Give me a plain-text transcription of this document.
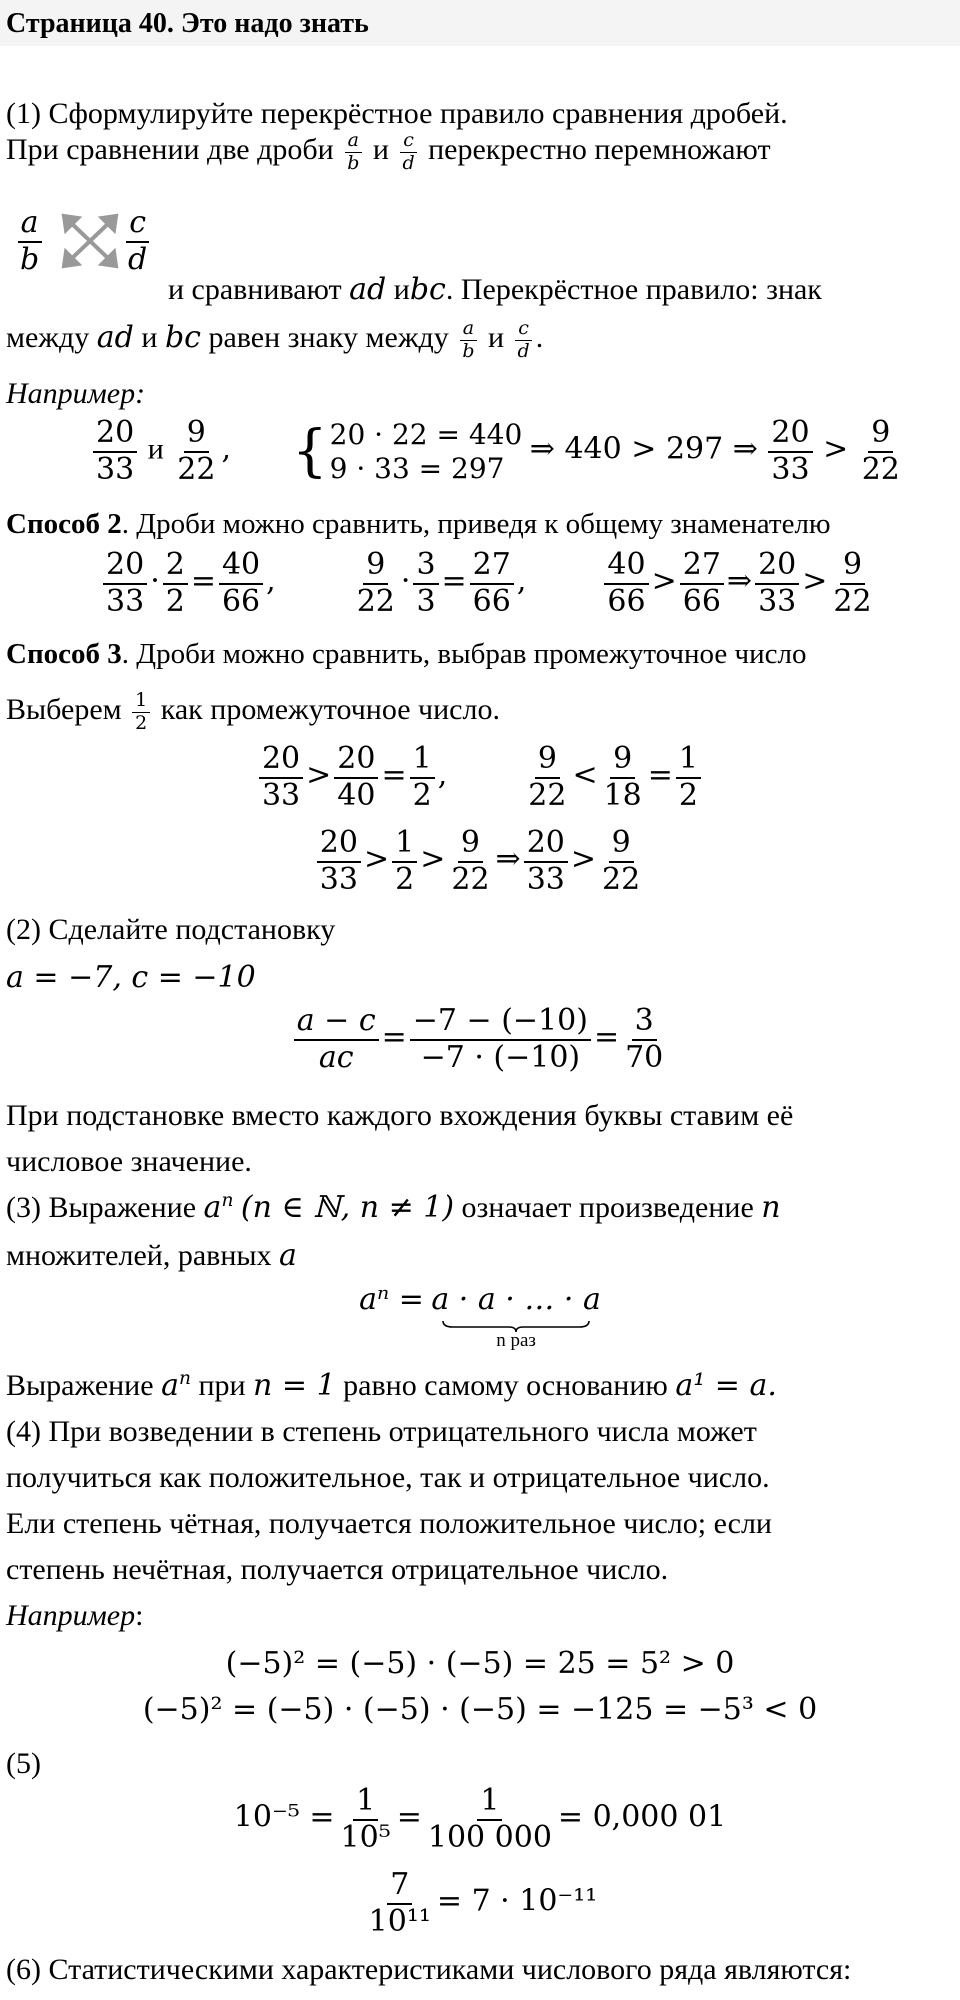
Страница 40. Это надо знать
(1) Сформулируйте перекрёстное правило сравнения дробей.
При сравнении две дроби $\frac{a}{b}$ и $\frac{c}{d}$ перекрестно перемножают
$\frac{a}{b}$	$\frac{c}{d}$
и сравнивают ad иbc. Перекрёстное правило: знак
между ad и bc равен знаку между $\frac{a}{b}$ и $\frac{c}{d}$ .
Например:
$\frac{20}{33}$ и $\frac{9}{22}$ , { 20 · 22 = 440
9 · 33 = 297
⇒ 440 > 297 ⇒ $\frac{20}{33} > \frac{9}{22}$
Способ 2. Дроби можно сравнить, приведя к общему знаменателю
$\frac{20}{33} \cdot \frac{2}{2} = \frac{40}{66}$ ,	$\frac{9}{22} \cdot \frac{3}{3} = \frac{27}{66}$ ,	$\frac{40}{66} > \frac{27}{66}$ ⇒ $\frac{20}{33} > \frac{9}{22}$
Способ 3. Дроби можно сравнить, выбрав промежуточное число
Выберем $\frac{1}{2}$ как промежуточное число.
$\frac{20}{33} > \frac{20}{40} = \frac{1}{2}$ ,	$\frac{9}{22} < \frac{9}{18} = \frac{1}{2}$
$\frac{20}{33} > \frac{1}{2} > \frac{9}{22}$ ⇒ $\frac{20}{33} > \frac{9}{22}$
(2) Сделайте подстановку
a = −7, c = −10
$\frac{a - c}{ac} = \frac{-7 - (-10)}{-7 \cdot (-10)} = \frac{3}{70}$
При подстановке вместо каждого вхождения буквы ставим её
числовое значение.
(3) Выражение $a^n$ (n ∈ ℕ, n ≠ 1) означает произведение n
множителей, равных a
aⁿ = a · a · … · a
n раз
Выражение $a^n$ при n = 1 равно самому основанию a¹ = a.
(4) При возведении в степень отрицательного числа может
получиться как положительное, так и отрицательное число.
Ели степень чётная, получается положительное число; если
степень нечётная, получается отрицательное число.
Например:
(−5)² = (−5) · (−5) = 25 = 5² > 0
(−5)² = (−5) · (−5) · (−5) = −125 = −5³ < 0
(5)
$10^{-5} = \frac{1}{\text{10⁵}} = \frac{1}{100 000} = 0,000$ 01
$\frac{7}{\text{10¹¹}} = 7 \cdot 10^{-11}$
(6) Статистическими характеристиками числового ряда являются:
